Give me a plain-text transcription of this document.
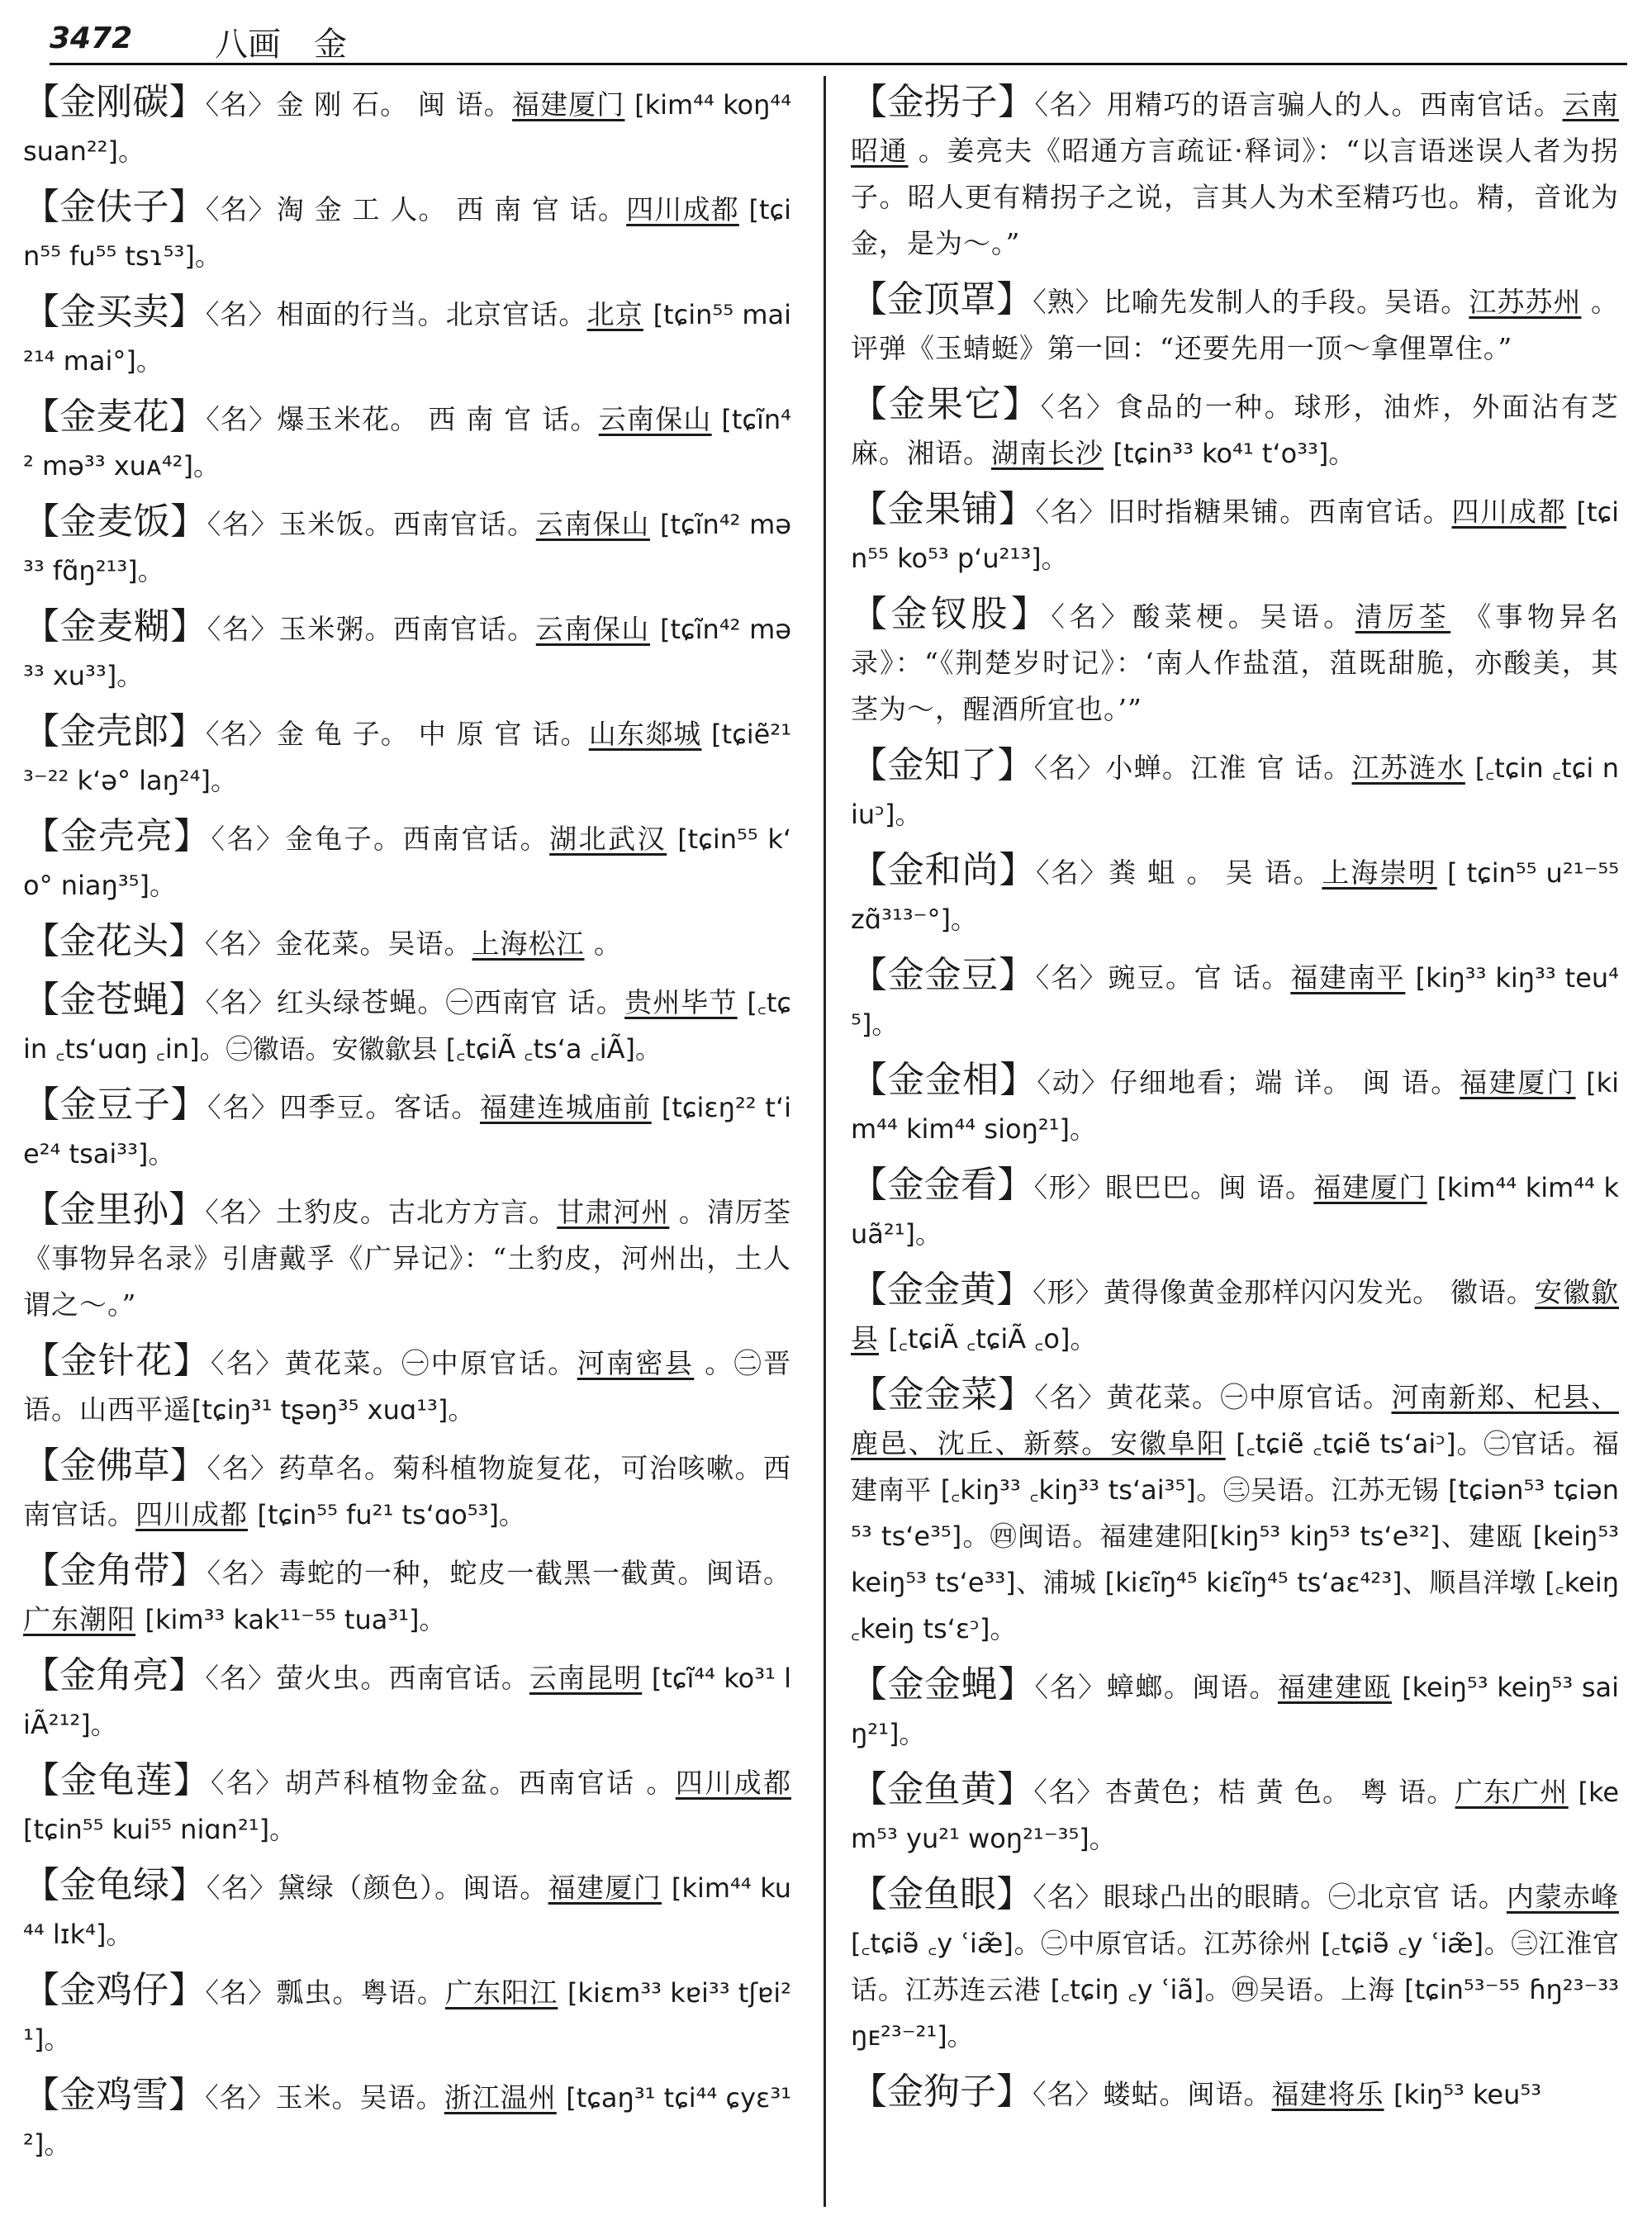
3472 八画 金

【金刚碳】〈名〉金 刚 石。 闽 语。福建厦门 [kim⁴⁴ koŋ⁴⁴ suan²²]。

【金伕子】〈名〉淘 金 工 人。 西 南 官 话。四川成都 [tɕin⁵⁵ fu⁵⁵ tsɿ⁵³]。

【金买卖】〈名〉相面的行当。北京官话。北京 [tɕin⁵⁵ mai²¹⁴ mai°]。

【金麦花】〈名〉爆玉米花。 西 南 官 话。云南保山 [tɕĩn⁴² mə³³ xuᴀ⁴²]。

【金麦饭】〈名〉玉米饭。西南官话。云南保山 [tɕĩn⁴² mə³³ fɑ̃ŋ²¹³]。

【金麦糊】〈名〉玉米粥。西南官话。云南保山 [tɕĩn⁴² mə³³ xu³³]。

【金壳郎】〈名〉金 龟 子。 中 原 官 话。山东郯城 [tɕiẽ²¹³⁻²² kʻə° laŋ²⁴]。

【金壳亮】〈名〉金龟子。西南官话。湖北武汉 [tɕin⁵⁵ kʻo° niaŋ³⁵]。

【金花头】〈名〉金花菜。吴语。上海松江 。

【金苍蝇】〈名〉红头绿苍蝇。㊀西南官 话。贵州毕节 [꜀tɕin ꜀tsʻuɑŋ ꜀in]。㊁徽语。安徽歙县 [꜀tɕiÃ ꜀tsʻa ꜀iÃ]。

【金豆子】〈名〉四季豆。客话。福建连城庙前 [tɕiɛŋ²² tʻie²⁴ tsai³³]。

【金里孙】〈名〉土豹皮。古北方方言。甘肃河州 。清厉荃《事物异名录》引唐戴孚《广异记》：“土豹皮，河州出，土人谓之～。”

【金针花】〈名〉黄花菜。㊀中原官话。河南密县 。㊁晋语。山西平遥[tɕiŋ³¹ tʂəŋ³⁵ xuɑ¹³]。

【金佛草】〈名〉药草名。菊科植物旋复花，可治咳嗽。西南官话。四川成都 [tɕin⁵⁵ fu²¹ tsʻɑo⁵³]。

【金角带】〈名〉毒蛇的一种，蛇皮一截黑一截黄。闽语。广东潮阳 [kim³³ kak¹¹⁻⁵⁵ tua³¹]。

【金角亮】〈名〉萤火虫。西南官话。云南昆明 [tɕĩ⁴⁴ ko³¹ liÃ²¹²]。

【金龟莲】〈名〉胡芦科植物金盆。西南官话 。四川成都 [tɕin⁵⁵ kui⁵⁵ niɑn²¹]。

【金龟绿】〈名〉黛绿（颜色）。闽语。福建厦门 [kim⁴⁴ ku⁴⁴ lɪk⁴]。

【金鸡仔】〈名〉瓢虫。粤语。广东阳江 [kiɛm³³ kɐi³³ tʃɐi²¹]。

【金鸡雪】〈名〉玉米。吴语。浙江温州 [tɕaŋ³¹ tɕi⁴⁴ ɕyɛ³¹²]。

【金拐子】〈名〉用精巧的语言骗人的人。西南官话。云南昭通 。姜亮夫《昭通方言疏证·释词》：“以言语迷误人者为拐子。昭人更有精拐子之说，言其人为术至精巧也。精，音讹为金，是为～。”

【金顶罩】〈熟〉比喻先发制人的手段。吴语。江苏苏州 。评弹《玉蜻蜓》第一回：“还要先用一顶～拿俚罩住。”

【金果它】〈名〉食品的一种。球形，油炸，外面沾有芝麻。湘语。湖南长沙 [tɕin³³ ko⁴¹ tʻo³³]。

【金果铺】〈名〉旧时指糖果铺。西南官话。四川成都 [tɕin⁵⁵ ko⁵³ pʻu²¹³]。

【金钗股】〈名〉酸菜梗。吴语。清厉荃 《事物异名录》：“《荆楚岁时记》：‘南人作盐菹，菹既甜脆，亦酸美，其茎为～，醒酒所宜也。’”

【金知了】〈名〉小蝉。江淮 官 话。江苏涟水 [꜀tɕin ꜀tɕi niuᵓ]。

【金和尚】〈名〉粪 蛆 。 吴 语。上海崇明 [ tɕin⁵⁵ u²¹⁻⁵⁵ zɑ̃³¹³⁻°]。

【金金豆】〈名〉豌豆。官 话。福建南平 [kiŋ³³ kiŋ³³ teu⁴⁵]。

【金金相】〈动〉仔细地看；端 详。 闽 语。福建厦门 [kim⁴⁴ kim⁴⁴ sioŋ²¹]。

【金金看】〈形〉眼巴巴。闽 语。福建厦门 [kim⁴⁴ kim⁴⁴ kuã²¹]。

【金金黄】〈形〉黄得像黄金那样闪闪发光。 徽语。安徽歙县 [꜀tɕiÃ ꜀tɕiÃ ꜀o]。

【金金菜】〈名〉黄花菜。㊀中原官话。河南新郑、杞县、鹿邑、沈丘、新蔡。安徽阜阳 [꜀tɕiẽ ꜀tɕiẽ tsʻaiᵓ]。㊁官话。福建南平 [꜀kiŋ³³ ꜀kiŋ³³ tsʻai³⁵]。㊂吴语。江苏无锡 [tɕiən⁵³ tɕiən⁵³ tsʻe³⁵]。㊃闽语。福建建阳[kiŋ⁵³ kiŋ⁵³ tsʻe³²]、建瓯 [keiŋ⁵³ keiŋ⁵³ tsʻe³³]、浦城 [kiɛĩŋ⁴⁵ kiɛĩŋ⁴⁵ tsʻaɛ⁴²³]、顺昌洋墩 [꜀keiŋ ꜀keiŋ tsʻɛᵓ]。

【金金蝇】〈名〉蟑螂。闽语。福建建瓯 [keiŋ⁵³ keiŋ⁵³ saiŋ²¹]。

【金鱼黄】〈名〉杏黄色；桔 黄 色。 粤 语。广东广州 [kem⁵³ yu²¹ woŋ²¹⁻³⁵]。

【金鱼眼】〈名〉眼球凸出的眼睛。㊀北京官 话。内蒙赤峰 [꜀tɕiə̃ ꜀y ʿiæ̃]。㊁中原官话。江苏徐州 [꜀tɕiə̃ ꜀y ʿiæ̃]。㊂江淮官话。江苏连云港 [꜀tɕiŋ ꜀y ʿiã]。㊃吴语。上海 [tɕin⁵³⁻⁵⁵ ɦŋ²³⁻³³ ŋᴇ²³⁻²¹]。

【金狗子】〈名〉蝼蛄。闽语。福建将乐 [kiŋ⁵³ keu⁵³
